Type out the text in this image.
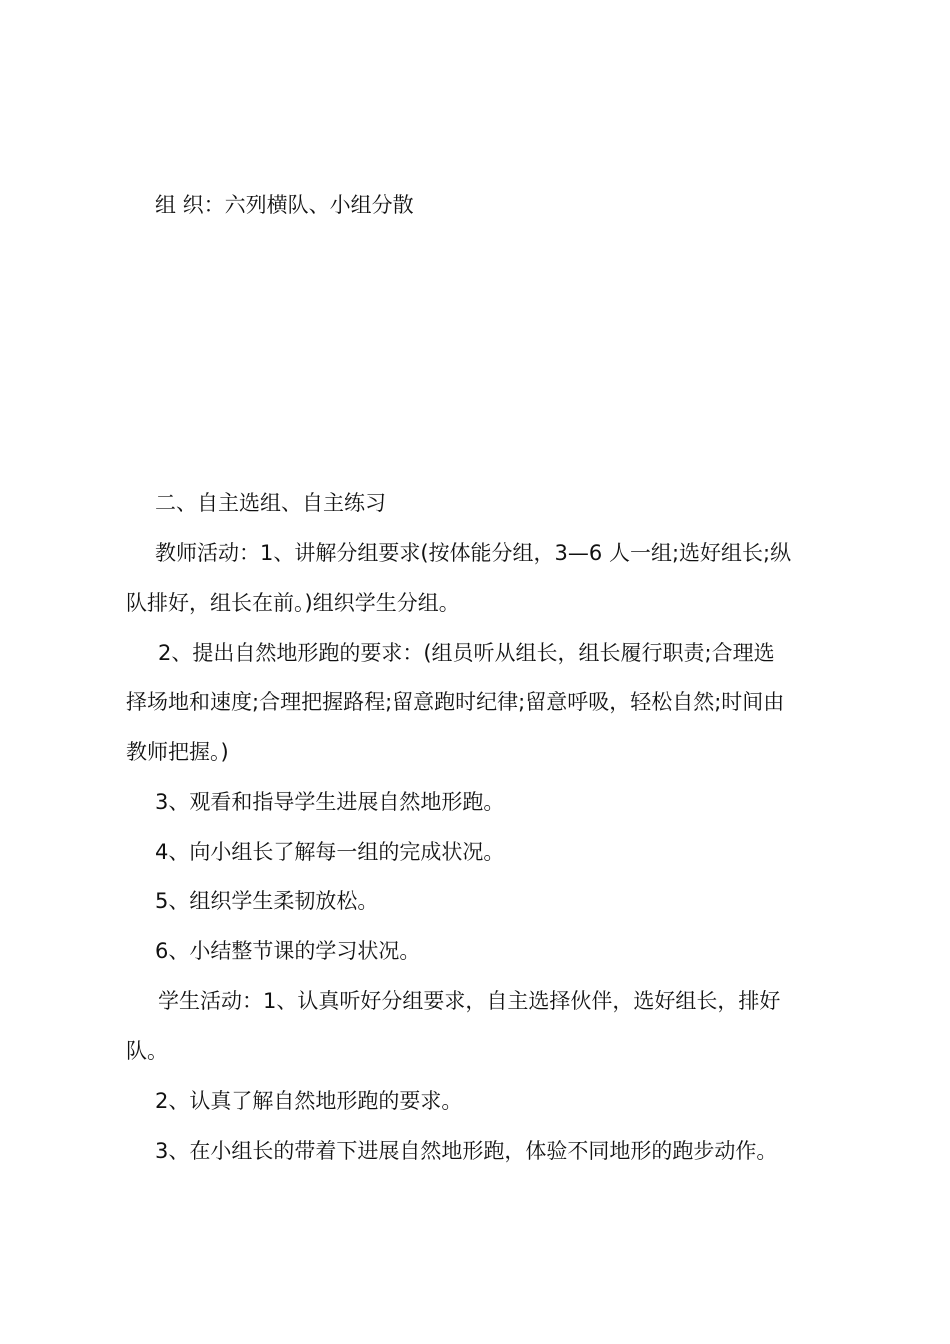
组 织：六列横队、小组分散
二、自主选组、自主练习
教师活动：1、讲解分组要求(按体能分组，3—6 人一组;选好组长;纵
队排好，组长在前。)组织学生分组。
2、提出自然地形跑的要求：(组员听从组长，组长履行职责;合理选
择场地和速度;合理把握路程;留意跑时纪律;留意呼吸，轻松自然;时间由
教师把握。)
3、观看和指导学生进展自然地形跑。
4、向小组长了解每一组的完成状况。
5、组织学生柔韧放松。
6、小结整节课的学习状况。
学生活动：1、认真听好分组要求，自主选择伙伴，选好组长，排好
队。
2、认真了解自然地形跑的要求。
3、在小组长的带着下进展自然地形跑，体验不同地形的跑步动作。
